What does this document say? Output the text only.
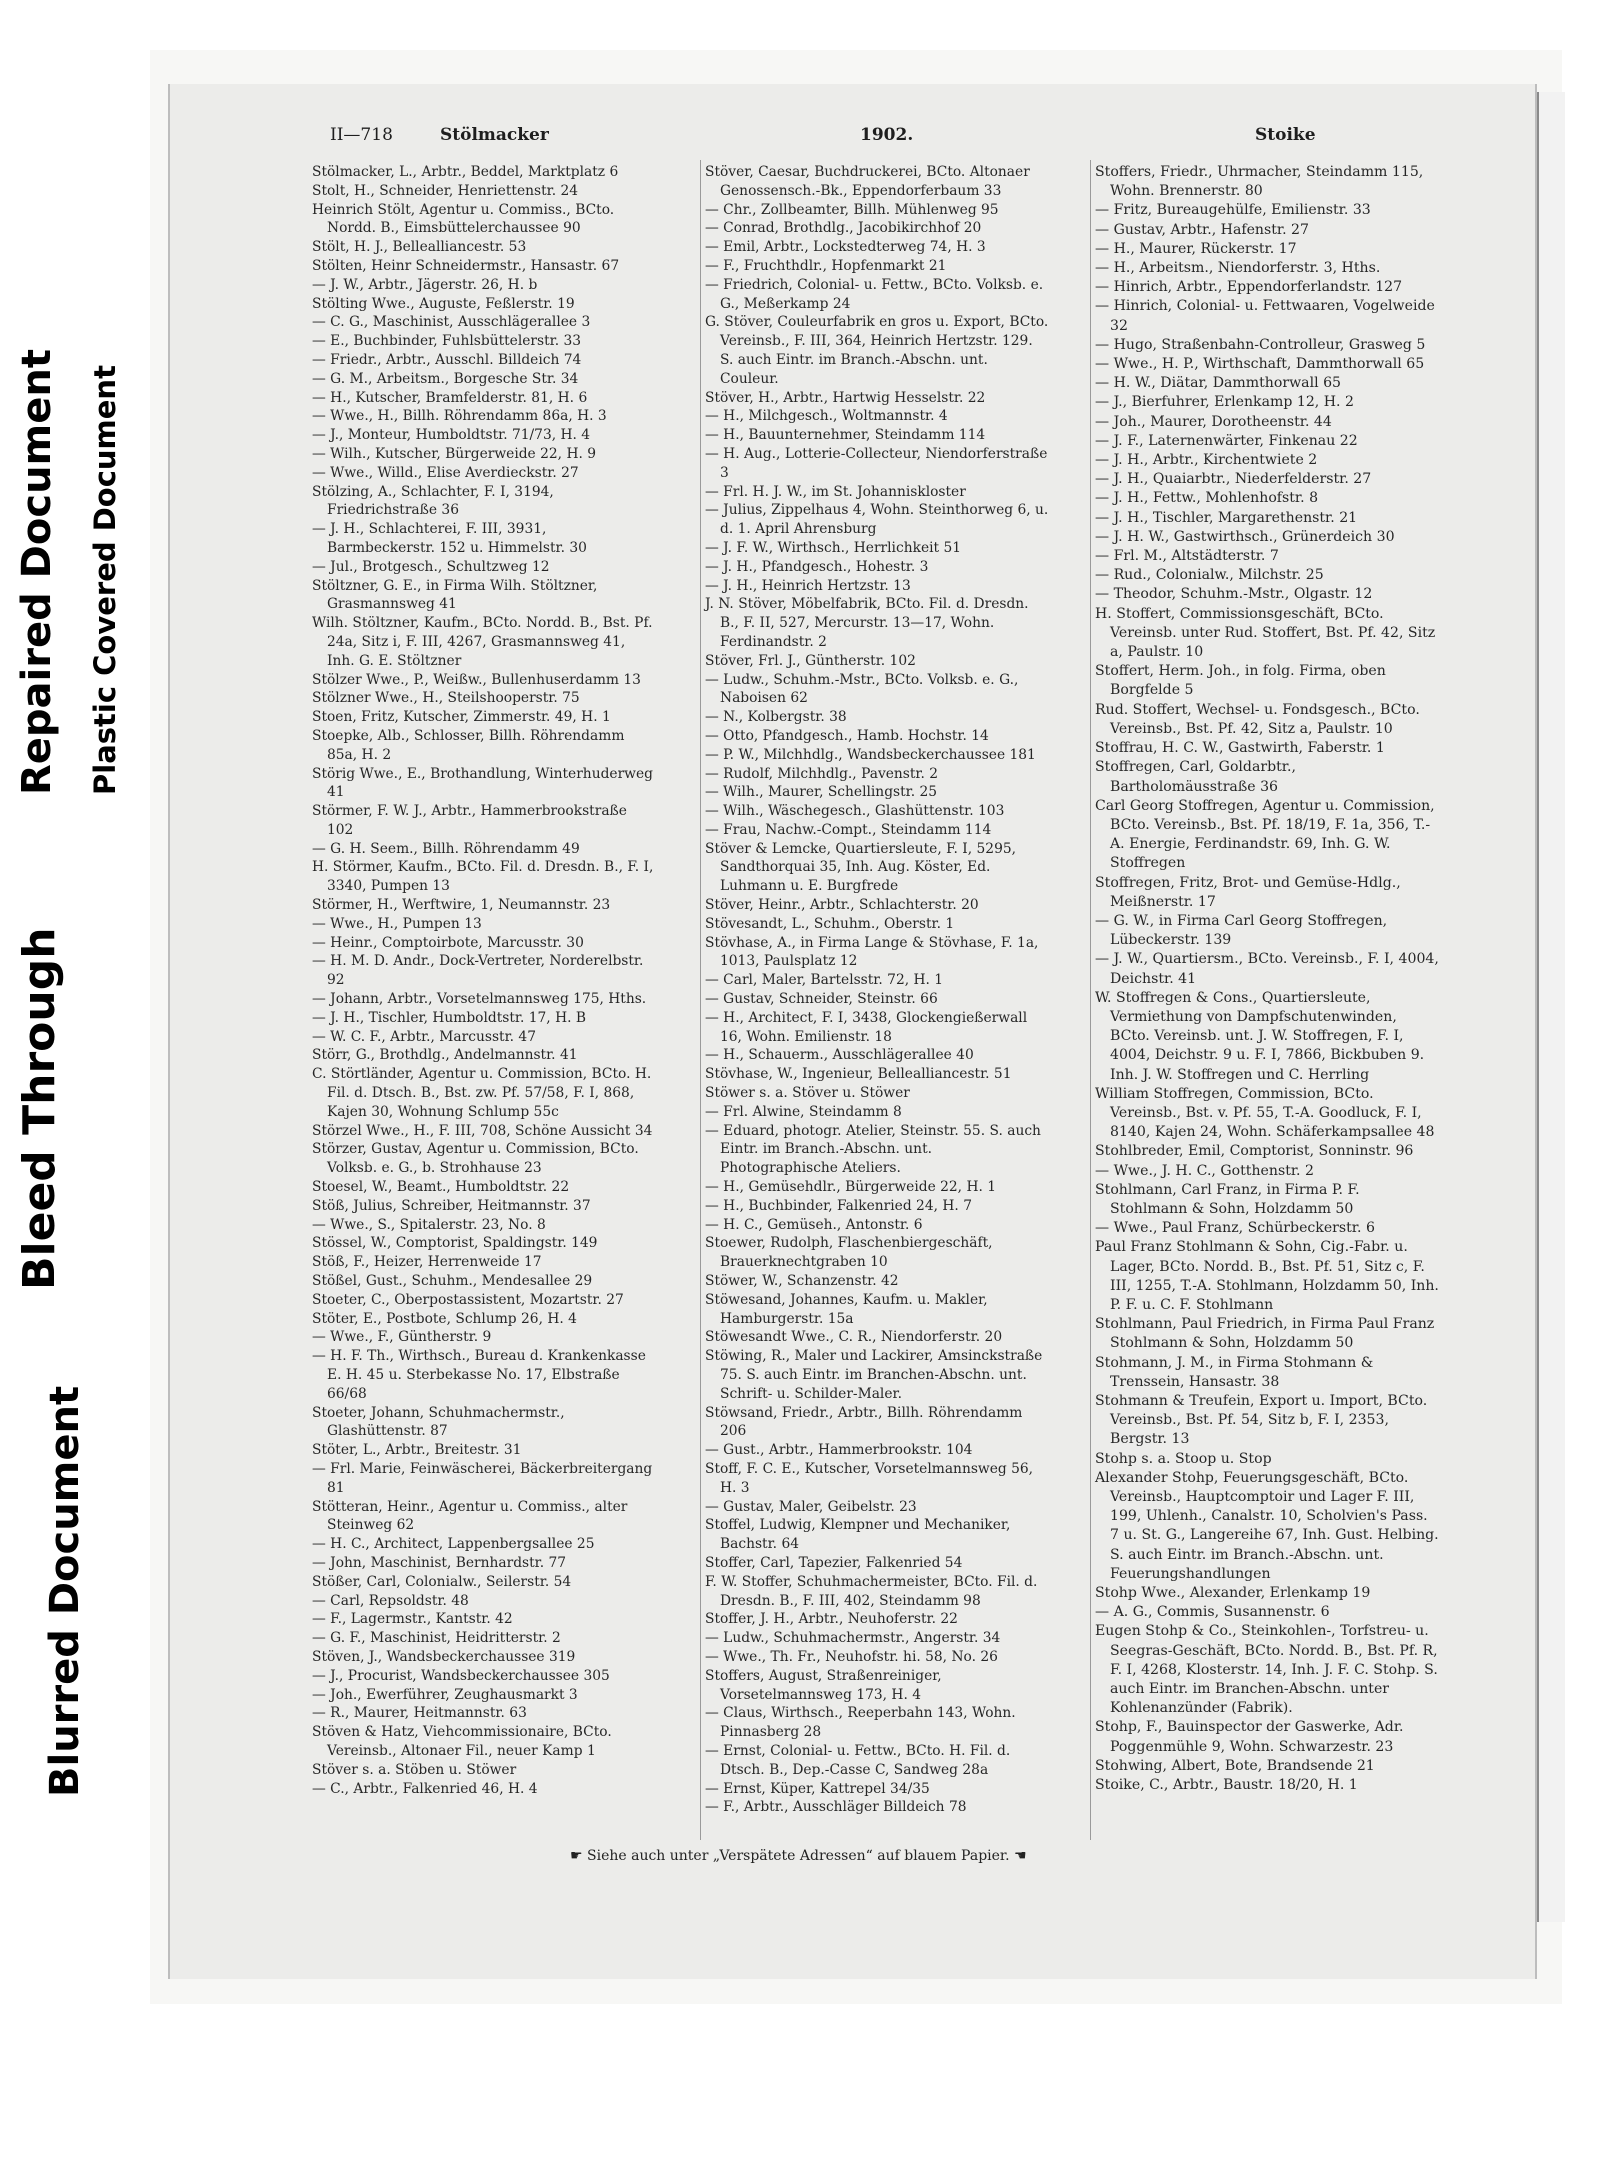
Bleed Through
Repaired Document Plastic Covered Document
Blurred Document
II—718	Stölmacker	1902.	Stoike
Stölmacker, L., Arbtr., Beddel, Marktplatz 6
Stolt, H., Schneider, Henriettenstr. 24
Heinrich Stölt, Agentur u. Commiss., BCto. Nordd. B., Eimsbüttelerchaussee 90
Stölt, H. J., Bellealliancestr. 53
Stölten, Heinr Schneidermstr., Hansastr. 67
— J. W., Arbtr., Jägerstr. 26, H. b
Stölting Wwe., Auguste, Feßlerstr. 19
— C. G., Maschinist, Ausschlägerallee 3
— E., Buchbinder, Fuhlsbüttelerstr. 33
— Friedr., Arbtr., Ausschl. Billdeich 74
— G. M., Arbeitsm., Borgesche Str. 34
— H., Kutscher, Bramfelderstr. 81, H. 6
— Wwe., H., Billh. Röhrendamm 86a, H. 3
— J., Monteur, Humboldtstr. 71/73, H. 4
— Wilh., Kutscher, Bürgerweide 22, H. 9
— Wwe., Willd., Elise Averdieckstr. 27
Stölzing, A., Schlachter, F. I, 3194, Friedrichstraße 36
— J. H., Schlachterei, F. III, 3931, Barmbeckerstr. 152 u. Himmelstr. 30
— Jul., Brotgesch., Schultzweg 12
Stöltzner, G. E., in Firma Wilh. Stöltzner, Grasmannsweg 41
Wilh. Stöltzner, Kaufm., BCto. Nordd. B., Bst. Pf. 24a, Sitz i, F. III, 4267, Grasmannsweg 41, Inh. G. E. Stöltzner
Stölzer Wwe., P., Weißw., Bullenhuserdamm 13
Stölzner Wwe., H., Steilshooperstr. 75
Stoen, Fritz, Kutscher, Zimmerstr. 49, H. 1
Stoepke, Alb., Schlosser, Billh. Röhrendamm 85a, H. 2
Störig Wwe., E., Brothandlung, Winterhuderweg 41
Störmer, F. W. J., Arbtr., Hammerbrookstraße 102
— G. H. Seem., Billh. Röhrendamm 49
H. Störmer, Kaufm., BCto. Fil. d. Dresdn. B., F. I, 3340, Pumpen 13
Störmer, H., Werftwire, 1, Neumannstr. 23
— Wwe., H., Pumpen 13
— Heinr., Comptoirbote, Marcusstr. 30
— H. M. D. Andr., Dock-Vertreter, Norderelbstr. 92
— Johann, Arbtr., Vorsetelmannsweg 175, Hths.
— J. H., Tischler, Humboldtstr. 17, H. B
— W. C. F., Arbtr., Marcusstr. 47
Störr, G., Brothdlg., Andelmannstr. 41
C. Störtländer, Agentur u. Commission, BCto. H. Fil. d. Dtsch. B., Bst. zw. Pf. 57/58, F. I, 868, Kajen 30, Wohnung Schlump 55c
Störzel Wwe., H., F. III, 708, Schöne Aussicht 34
Störzer, Gustav, Agentur u. Commission, BCto. Volksb. e. G., b. Strohhause 23
Stoesel, W., Beamt., Humboldtstr. 22
Stöß, Julius, Schreiber, Heitmannstr. 37
— Wwe., S., Spitalerstr. 23, No. 8
Stössel, W., Comptorist, Spaldingstr. 149
Stöß, F., Heizer, Herrenweide 17
Stößel, Gust., Schuhm., Mendesallee 29
Stoeter, C., Oberpostassistent, Mozartstr. 27
Stöter, E., Postbote, Schlump 26, H. 4
— Wwe., F., Güntherstr. 9
— H. F. Th., Wirthsch., Bureau d. Krankenkasse E. H. 45 u. Sterbekasse No. 17, Elbstraße 66/68
Stoeter, Johann, Schuhmachermstr., Glashüttenstr. 87
Stöter, L., Arbtr., Breitestr. 31
— Frl. Marie, Feinwäscherei, Bäckerbreitergang 81
Stötteran, Heinr., Agentur u. Commiss., alter Steinweg 62
— H. C., Architect, Lappenbergsallee 25
— John, Maschinist, Bernhardstr. 77
Stößer, Carl, Colonialw., Seilerstr. 54
— Carl, Repsoldstr. 48
— F., Lagermstr., Kantstr. 42
— G. F., Maschinist, Heidritterstr. 2
Stöven, J., Wandsbeckerchaussee 319
— J., Procurist, Wandsbeckerchaussee 305
— Joh., Ewerführer, Zeughausmarkt 3
— R., Maurer, Heitmannstr. 63
Stöven & Hatz, Viehcommissionaire, BCto. Vereinsb., Altonaer Fil., neuer Kamp 1
Stöver s. a. Stöben u. Stöwer
— C., Arbtr., Falkenried 46, H. 4
Stöver, Caesar, Buchdruckerei, BCto. Altonaer Genossensch.-Bk., Eppendorferbaum 33
— Chr., Zollbeamter, Billh. Mühlenweg 95
— Conrad, Brothdlg., Jacobikirchhof 20
— Emil, Arbtr., Lockstedterweg 74, H. 3
— F., Fruchthdlr., Hopfenmarkt 21
— Friedrich, Colonial- u. Fettw., BCto. Volksb. e. G., Meßerkamp 24
G. Stöver, Couleurfabrik en gros u. Export, BCto. Vereinsb., F. III, 364, Heinrich Hertzstr. 129. S. auch Eintr. im Branch.-Abschn. unt. Couleur.
Stöver, H., Arbtr., Hartwig Hesselstr. 22
— H., Milchgesch., Woltmannstr. 4
— H., Bauunternehmer, Steindamm 114
— H. Aug., Lotterie-Collecteur, Niendorferstraße 3
— Frl. H. J. W., im St. Johanniskloster
— Julius, Zippelhaus 4, Wohn. Steinthorweg 6, u. d. 1. April Ahrensburg
— J. F. W., Wirthsch., Herrlichkeit 51
— J. H., Pfandgesch., Hohestr. 3
— J. H., Heinrich Hertzstr. 13
J. N. Stöver, Möbelfabrik, BCto. Fil. d. Dresdn. B., F. II, 527, Mercurstr. 13—17, Wohn. Ferdinandstr. 2
Stöver, Frl. J., Güntherstr. 102
— Ludw., Schuhm.-Mstr., BCto. Volksb. e. G., Naboisen 62
— N., Kolbergstr. 38
— Otto, Pfandgesch., Hamb. Hochstr. 14
— P. W., Milchhdlg., Wandsbeckerchaussee 181
— Rudolf, Milchhdlg., Pavenstr. 2
— Wilh., Maurer, Schellingstr. 25
— Wilh., Wäschegesch., Glashüttenstr. 103
— Frau, Nachw.-Compt., Steindamm 114
Stöver & Lemcke, Quartiersleute, F. I, 5295, Sandthorquai 35, Inh. Aug. Köster, Ed. Luhmann u. E. Burgfrede
Stöver, Heinr., Arbtr., Schlachterstr. 20
Stövesandt, L., Schuhm., Oberstr. 1
Stövhase, A., in Firma Lange & Stövhase, F. 1a, 1013, Paulsplatz 12
— Carl, Maler, Bartelsstr. 72, H. 1
— Gustav, Schneider, Steinstr. 66
— H., Architect, F. I, 3438, Glockengießerwall 16, Wohn. Emilienstr. 18
— H., Schauerm., Ausschlägerallee 40
Stövhase, W., Ingenieur, Bellealliancestr. 51
Stöwer s. a. Stöver u. Stöwer
— Frl. Alwine, Steindamm 8
— Eduard, photogr. Atelier, Steinstr. 55. S. auch Eintr. im Branch.-Abschn. unt. Photographische Ateliers.
— H., Gemüsehdlr., Bürgerweide 22, H. 1
— H., Buchbinder, Falkenried 24, H. 7
— H. C., Gemüseh., Antonstr. 6
Stoewer, Rudolph, Flaschenbiergeschäft, Brauerknechtgraben 10
Stöwer, W., Schanzenstr. 42
Stöwesand, Johannes, Kaufm. u. Makler, Hamburgerstr. 15a
Stöwesandt Wwe., C. R., Niendorferstr. 20
Stöwing, R., Maler und Lackirer, Amsinckstraße 75. S. auch Eintr. im Branchen-Abschn. unt. Schrift- u. Schilder-Maler.
Stöwsand, Friedr., Arbtr., Billh. Röhrendamm 206
— Gust., Arbtr., Hammerbrookstr. 104
Stoff, F. C. E., Kutscher, Vorsetelmannsweg 56, H. 3
— Gustav, Maler, Geibelstr. 23
Stoffel, Ludwig, Klempner und Mechaniker, Bachstr. 64
Stoffer, Carl, Tapezier, Falkenried 54
F. W. Stoffer, Schuhmachermeister, BCto. Fil. d. Dresdn. B., F. III, 402, Steindamm 98
Stoffer, J. H., Arbtr., Neuhoferstr. 22
— Ludw., Schuhmachermstr., Angerstr. 34
— Wwe., Th. Fr., Neuhofstr. hi. 58, No. 26
Stoffers, August, Straßenreiniger, Vorsetelmannsweg 173, H. 4
— Claus, Wirthsch., Reeperbahn 143, Wohn. Pinnasberg 28
— Ernst, Colonial- u. Fettw., BCto. H. Fil. d. Dtsch. B., Dep.-Casse C, Sandweg 28a
— Ernst, Küper, Kattrepel 34/35
— F., Arbtr., Ausschläger Billdeich 78
Stoffers, Friedr., Uhrmacher, Steindamm 115, Wohn. Brennerstr. 80
— Fritz, Bureaugehülfe, Emilienstr. 33
— Gustav, Arbtr., Hafenstr. 27
— H., Maurer, Rückerstr. 17
— H., Arbeitsm., Niendorferstr. 3, Hths.
— Hinrich, Arbtr., Eppendorferlandstr. 127
— Hinrich, Colonial- u. Fettwaaren, Vogelweide 32
— Hugo, Straßenbahn-Controlleur, Grasweg 5
— Wwe., H. P., Wirthschaft, Dammthorwall 65
— H. W., Diätar, Dammthorwall 65
— J., Bierfuhrer, Erlenkamp 12, H. 2
— Joh., Maurer, Dorotheenstr. 44
— J. F., Laternenwärter, Finkenau 22
— J. H., Arbtr., Kirchentwiete 2
— J. H., Quaiarbtr., Niederfelderstr. 27
— J. H., Fettw., Mohlenhofstr. 8
— J. H., Tischler, Margarethenstr. 21
— J. H. W., Gastwirthsch., Grünerdeich 30
— Frl. M., Altstädterstr. 7
— Rud., Colonialw., Milchstr. 25
— Theodor, Schuhm.-Mstr., Olgastr. 12
H. Stoffert, Commissionsgeschäft, BCto. Vereinsb. unter Rud. Stoffert, Bst. Pf. 42, Sitz a, Paulstr. 10
Stoffert, Herm. Joh., in folg. Firma, oben Borgfelde 5
Rud. Stoffert, Wechsel- u. Fondsgesch., BCto. Vereinsb., Bst. Pf. 42, Sitz a, Paulstr. 10
Stoffrau, H. C. W., Gastwirth, Faberstr. 1
Stoffregen, Carl, Goldarbtr., Bartholomäusstraße 36
Carl Georg Stoffregen, Agentur u. Commission, BCto. Vereinsb., Bst. Pf. 18/19, F. 1a, 356, T.-A. Energie, Ferdinandstr. 69, Inh. G. W. Stoffregen
Stoffregen, Fritz, Brot- und Gemüse-Hdlg., Meißnerstr. 17
— G. W., in Firma Carl Georg Stoffregen, Lübeckerstr. 139
— J. W., Quartiersm., BCto. Vereinsb., F. I, 4004, Deichstr. 41
W. Stoffregen & Cons., Quartiersleute, Vermiethung von Dampfschutenwinden, BCto. Vereinsb. unt. J. W. Stoffregen, F. I, 4004, Deichstr. 9 u. F. I, 7866, Bickbuben 9. Inh. J. W. Stoffregen und C. Herrling
William Stoffregen, Commission, BCto. Vereinsb., Bst. v. Pf. 55, T.-A. Goodluck, F. I, 8140, Kajen 24, Wohn. Schäferkampsallee 48
Stohlbreder, Emil, Comptorist, Sonninstr. 96
— Wwe., J. H. C., Gotthenstr. 2
Stohlmann, Carl Franz, in Firma P. F. Stohlmann & Sohn, Holzdamm 50
— Wwe., Paul Franz, Schürbeckerstr. 6
Paul Franz Stohlmann & Sohn, Cig.-Fabr. u. Lager, BCto. Nordd. B., Bst. Pf. 51, Sitz c, F. III, 1255, T.-A. Stohlmann, Holzdamm 50, Inh. P. F. u. C. F. Stohlmann
Stohlmann, Paul Friedrich, in Firma Paul Franz Stohlmann & Sohn, Holzdamm 50
Stohmann, J. M., in Firma Stohmann & Trenssein, Hansastr. 38
Stohmann & Treufein, Export u. Import, BCto. Vereinsb., Bst. Pf. 54, Sitz b, F. I, 2353, Bergstr. 13
Stohp s. a. Stoop u. Stop
Alexander Stohp, Feuerungsgeschäft, BCto. Vereinsb., Hauptcomptoir und Lager F. III, 199, Uhlenh., Canalstr. 10, Scholvien's Pass. 7 u. St. G., Langereihe 67, Inh. Gust. Helbing. S. auch Eintr. im Branch.-Abschn. unt. Feuerungshandlungen
Stohp Wwe., Alexander, Erlenkamp 19
— A. G., Commis, Susannenstr. 6
Eugen Stohp & Co., Steinkohlen-, Torfstreu- u. Seegras-Geschäft, BCto. Nordd. B., Bst. Pf. R, F. I, 4268, Klosterstr. 14, Inh. J. F. C. Stohp. S. auch Eintr. im Branchen-Abschn. unter Kohlenanzünder (Fabrik).
Stohp, F., Bauinspector der Gaswerke, Adr. Poggenmühle 9, Wohn. Schwarzestr. 23
Stohwing, Albert, Bote, Brandsende 21
Stoike, C., Arbtr., Baustr. 18/20, H. 1
☛ Siehe auch unter „Verspätete Adressen“ auf blauem Papier. ☚
